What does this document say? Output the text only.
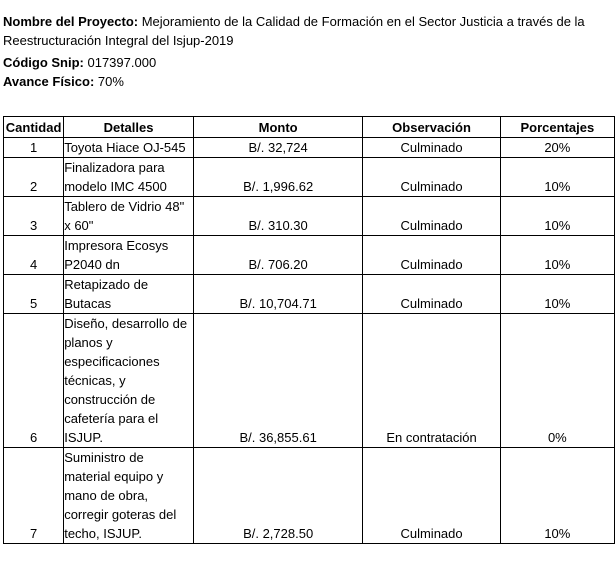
Nombre del Proyecto: Mejoramiento de la Calidad de Formación en el Sector Justicia a través de la Reestructuración Integral del Isjup-2019

Código Snip: 017397.000

Avance Físico: 70%

Cantidad	Detalles	Monto	Observación	Porcentajes
1	Toyota Hiace OJ-545	B/. 32,724	Culminado	20%
2	Finalizadora para modelo IMC 4500	B/. 1,996.62	Culminado	10%
3	Tablero de Vidrio 48" x 60"	B/. 310.30	Culminado	10%
4	Impresora Ecosys P2040 dn	B/. 706.20	Culminado	10%
5	Retapizado de Butacas	B/. 10,704.71	Culminado	10%
6	Diseño, desarrollo de planos y especificaciones técnicas, y construcción de cafetería para el ISJUP.	B/. 36,855.61	En contratación	0%
7	Suministro de material equipo y mano de obra, corregir goteras del techo, ISJUP.	B/. 2,728.50	Culminado	10%
